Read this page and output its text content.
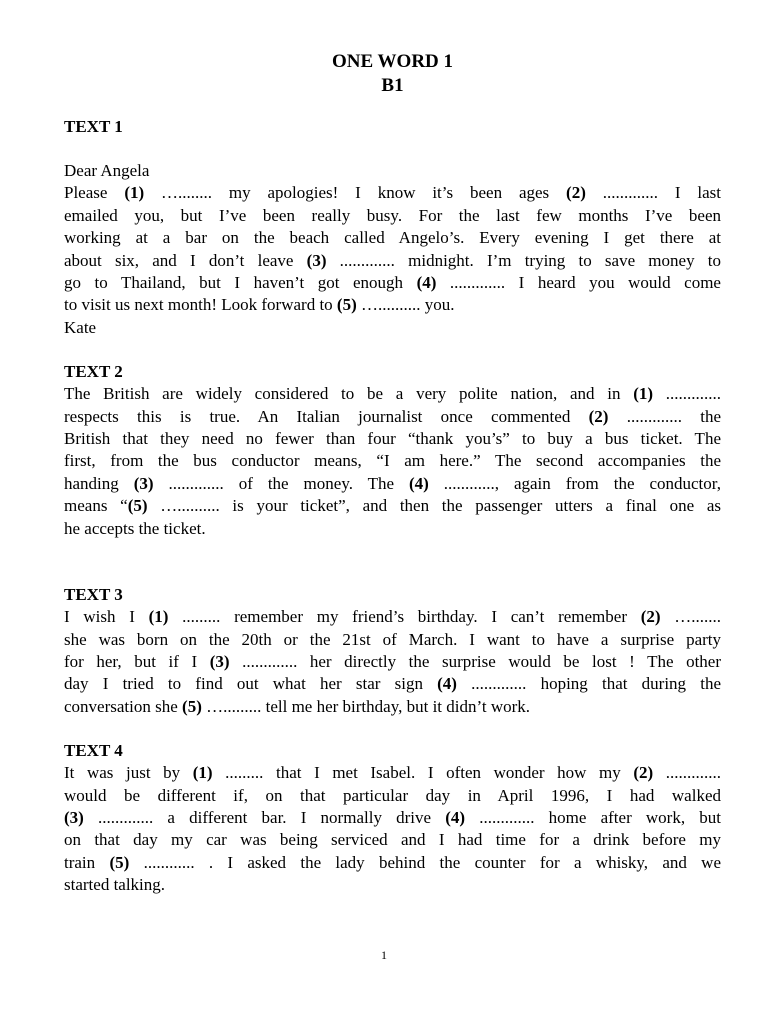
ONE WORD 1

B1

TEXT 1

Dear Angela
Please (1) …........ my apologies! I know it’s been ages (2) ............. I last
emailed you, but I’ve been really busy. For the last few months I’ve been
working at a bar on the beach called Angelo’s. Every evening I get there at
about six, and I don’t leave (3) ............. midnight. I’m trying to save money to
go to Thailand, but I haven’t got enough (4) ............. I heard you would come
to visit us next month! Look forward to (5) ….......... you.
Kate

TEXT 2

The British are widely considered to be a very polite nation, and in (1) .............
respects this is true. An Italian journalist once commented (2) ............. the
British that they need no fewer than four “thank you’s” to buy a bus ticket. The
first, from the bus conductor means, “I am here.” The second accompanies the
handing (3) ............. of the money. The (4) ............, again from the conductor,
means “(5) ….......... is your ticket”, and then the passenger utters a final one as
he accepts the ticket.

TEXT 3

I wish I (1) ......... remember my friend’s birthday. I can’t remember (2) ….......
she was born on the 20th or the 21st of March. I want to have a surprise party
for her, but if I (3) ............. her directly the surprise would be lost ! The other
day I tried to find out what her star sign (4) ............. hoping that during the
conversation she (5) …......... tell me her birthday, but it didn’t work.

TEXT 4

It was just by (1) ......... that I met Isabel. I often wonder how my (2) .............
would be different if, on that particular day in April 1996, I had walked
(3) ............. a different bar. I normally drive (4) ............. home after work, but
on that day my car was being serviced and I had time for a drink before my
train (5) ............ . I asked the lady behind the counter for a whisky, and we
started talking.
1
